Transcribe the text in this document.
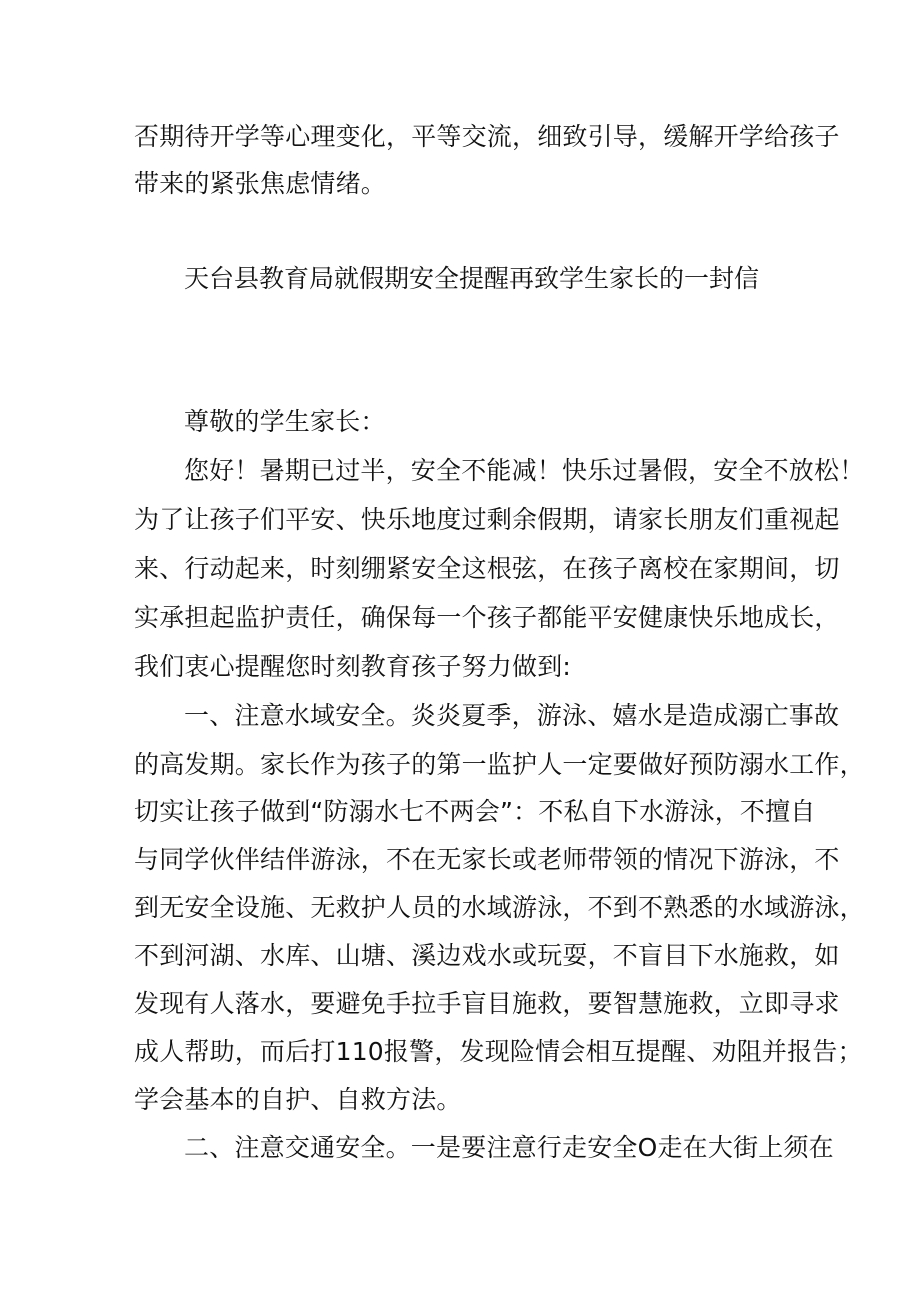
否期待开学等心理变化，平等交流，细致引导，缓解开学给孩子
带来的紧张焦虑情绪。
天台县教育局就假期安全提醒再致学生家长的一封信
尊敬的学生家长：
您好！暑期已过半，安全不能减！快乐过暑假，安全不放松！
为了让孩子们平安、快乐地度过剩余假期，请家长朋友们重视起
来、行动起来，时刻绷紧安全这根弦，在孩子离校在家期间，切
实承担起监护责任，确保每一个孩子都能平安健康快乐地成长，
我们衷心提醒您时刻教育孩子努力做到:
一、注意水域安全。炎炎夏季，游泳、嬉水是造成溺亡事故
的高发期。家长作为孩子的第一监护人一定要做好预防溺水工作，
切实让孩子做到“防溺水七不两会”：不私自下水游泳，不擅自
与同学伙伴结伴游泳，不在无家长或老师带领的情况下游泳，不
到无安全设施、无救护人员的水域游泳，不到不熟悉的水域游泳，
不到河湖、水库、山塘、溪边戏水或玩耍，不盲目下水施救，如
发现有人落水，要避免手拉手盲目施救，要智慧施救，立即寻求
成人帮助，而后打110报警，发现险情会相互提醒、劝阻并报告；
学会基本的自护、自救方法。
二、注意交通安全。一是要注意行走安全O走在大街上须在
